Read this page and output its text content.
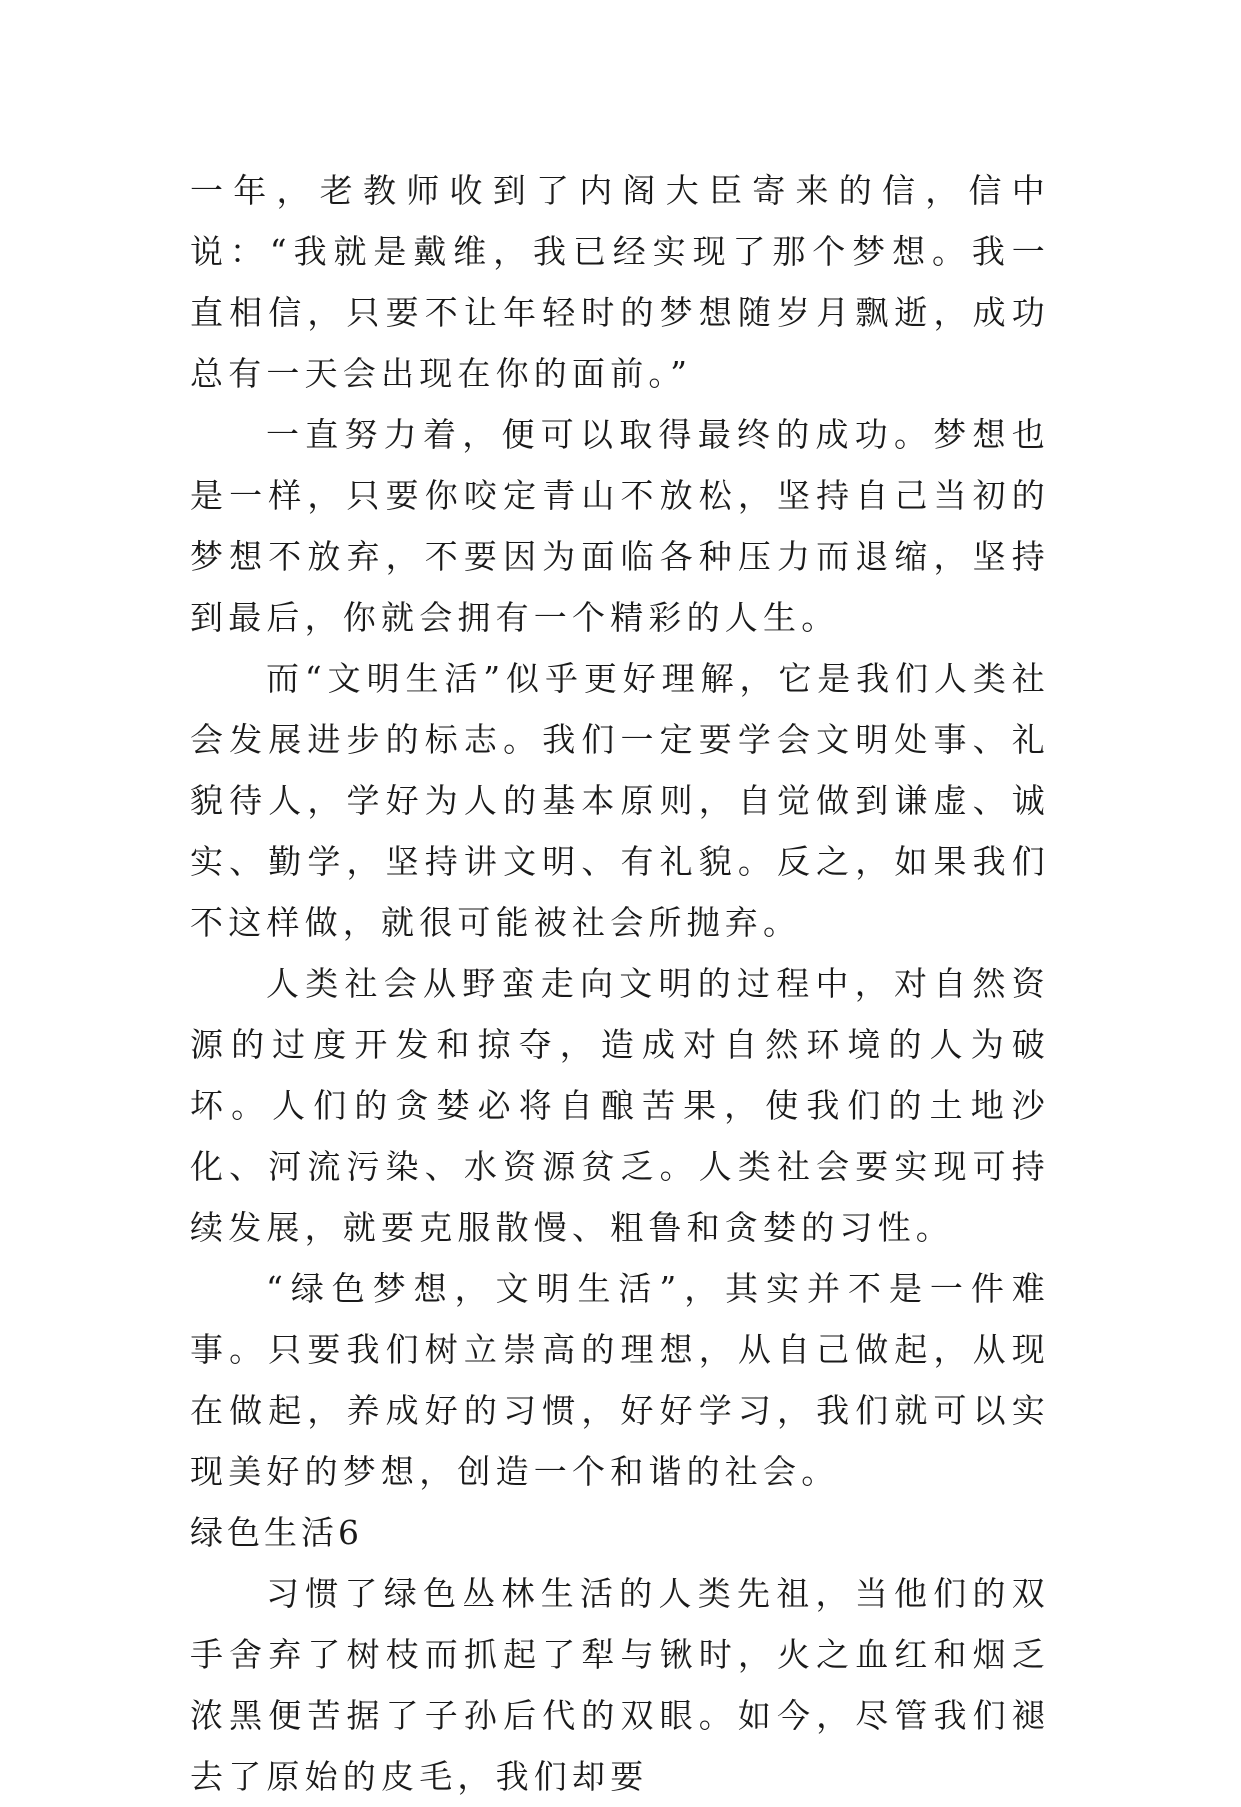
一年，老教师收到了内阁大臣寄来的信，信中说：“我就是戴维，我已经实现了那个梦想。我一直相信，只要不让年轻时的梦想随岁月飘逝，成功总有一天会出现在你的面前。”

一直努力着，便可以取得最终的成功。梦想也是一样，只要你咬定青山不放松，坚持自己当初的梦想不放弃，不要因为面临各种压力而退缩，坚持到最后，你就会拥有一个精彩的人生。

而“文明生活”似乎更好理解，它是我们人类社会发展进步的标志。我们一定要学会文明处事、礼貌待人，学好为人的基本原则，自觉做到谦虚、诚实、勤学，坚持讲文明、有礼貌。反之，如果我们不这样做，就很可能被社会所抛弃。

人类社会从野蛮走向文明的过程中，对自然资源的过度开发和掠夺，造成对自然环境的人为破坏。人们的贪婪必将自酿苦果，使我们的土地沙化、河流污染、水资源贫乏。人类社会要实现可持续发展，就要克服散慢、粗鲁和贪婪的习性。

“绿色梦想，文明生活”，其实并不是一件难事。只要我们树立崇高的理想，从自己做起，从现在做起，养成好的习惯，好好学习，我们就可以实现美好的梦想，创造一个和谐的社会。

绿色生活6

习惯了绿色丛林生活的人类先祖，当他们的双手舍弃了树枝而抓起了犁与锹时，火之血红和烟乏浓黑便苦据了子孙后代的双眼。如今，尽管我们褪去了原始的皮毛，我们却要
